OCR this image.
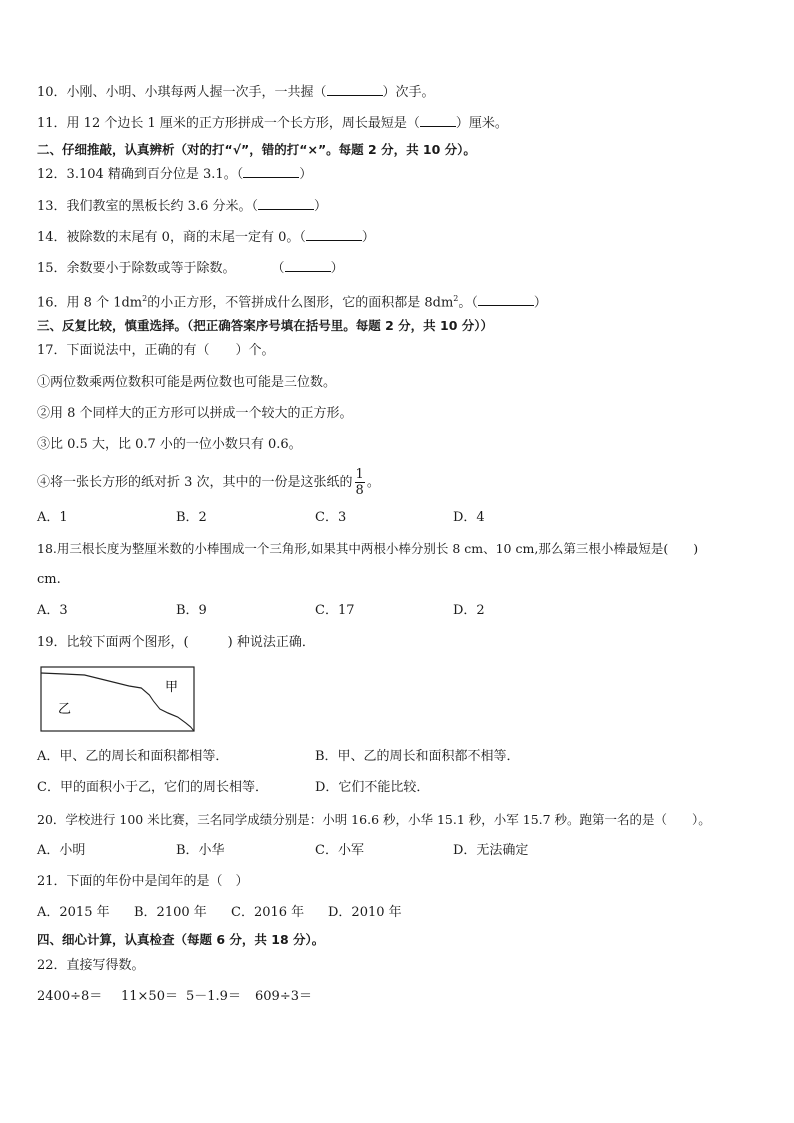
10．小刚、小明、小琪每两人握一次手，一共握（	）次手。
11．用 12 个边长 1 厘米的正方形拼成一个长方形，周长最短是（	）厘米。
二、仔细推敲，认真辨析（对的打“√”，错的打“×”。每题 2 分，共 10 分）。
12．3.104 精确到百分位是 3.1。（	）
13．我们教室的黑板长约 3.6 分米。（	）
14．被除数的末尾有 0，商的末尾一定有 0。（	）
15．余数要小于除数或等于除数。	（	）
16．用 8 个 $1dm^2$的小正方形，不管拼成什么图形，它的面积都是 $8dm^2$。（	）
三、反复比较，慎重选择。（把正确答案序号填在括号里。每题 2 分，共 10 分））
17．下面说法中，正确的有（　　）个。
①两位数乘两位数积可能是两位数也可能是三位数。
②用 8 个同样大的正方形可以拼成一个较大的正方形。
③比 0.5 大，比 0.7 小的一位小数只有 0.6。
④将一张长方形的纸对折 3 次，其中的一份是这张纸的 $\frac{1}{8}$ 。
A．1	B．2	C．3	D．4
18.用三根长度为整厘米数的小棒围成一个三角形,如果其中两根小棒分别长 8 cm、10 cm,那么第三根小棒最短是(　　)
cm.
A．3	B．9	C．17	D．2
19．比较下面两个图形，(　　　) 种说法正确．
甲
乙
A．甲、乙的周长和面积都相等．	B．甲、乙的周长和面积都不相等．
C．甲的面积小于乙，它们的周长相等．	D．它们不能比较．
20．学校进行 100 米比赛，三名同学成绩分别是：小明 16.6 秒，小华 15.1 秒，小军 15.7 秒。跑第一名的是（　　）。
A．小明	B．小华	C．小军	D．无法确定
21．下面的年份中是闰年的是（　）
A．2015 年 B．2100 年 C．2016 年 D．2010 年
四、细心计算，认真检查（每题 6 分，共 18 分）。
22．直接写得数。
2400÷8＝ 11×50＝ 5－1.9＝ 609÷3＝
